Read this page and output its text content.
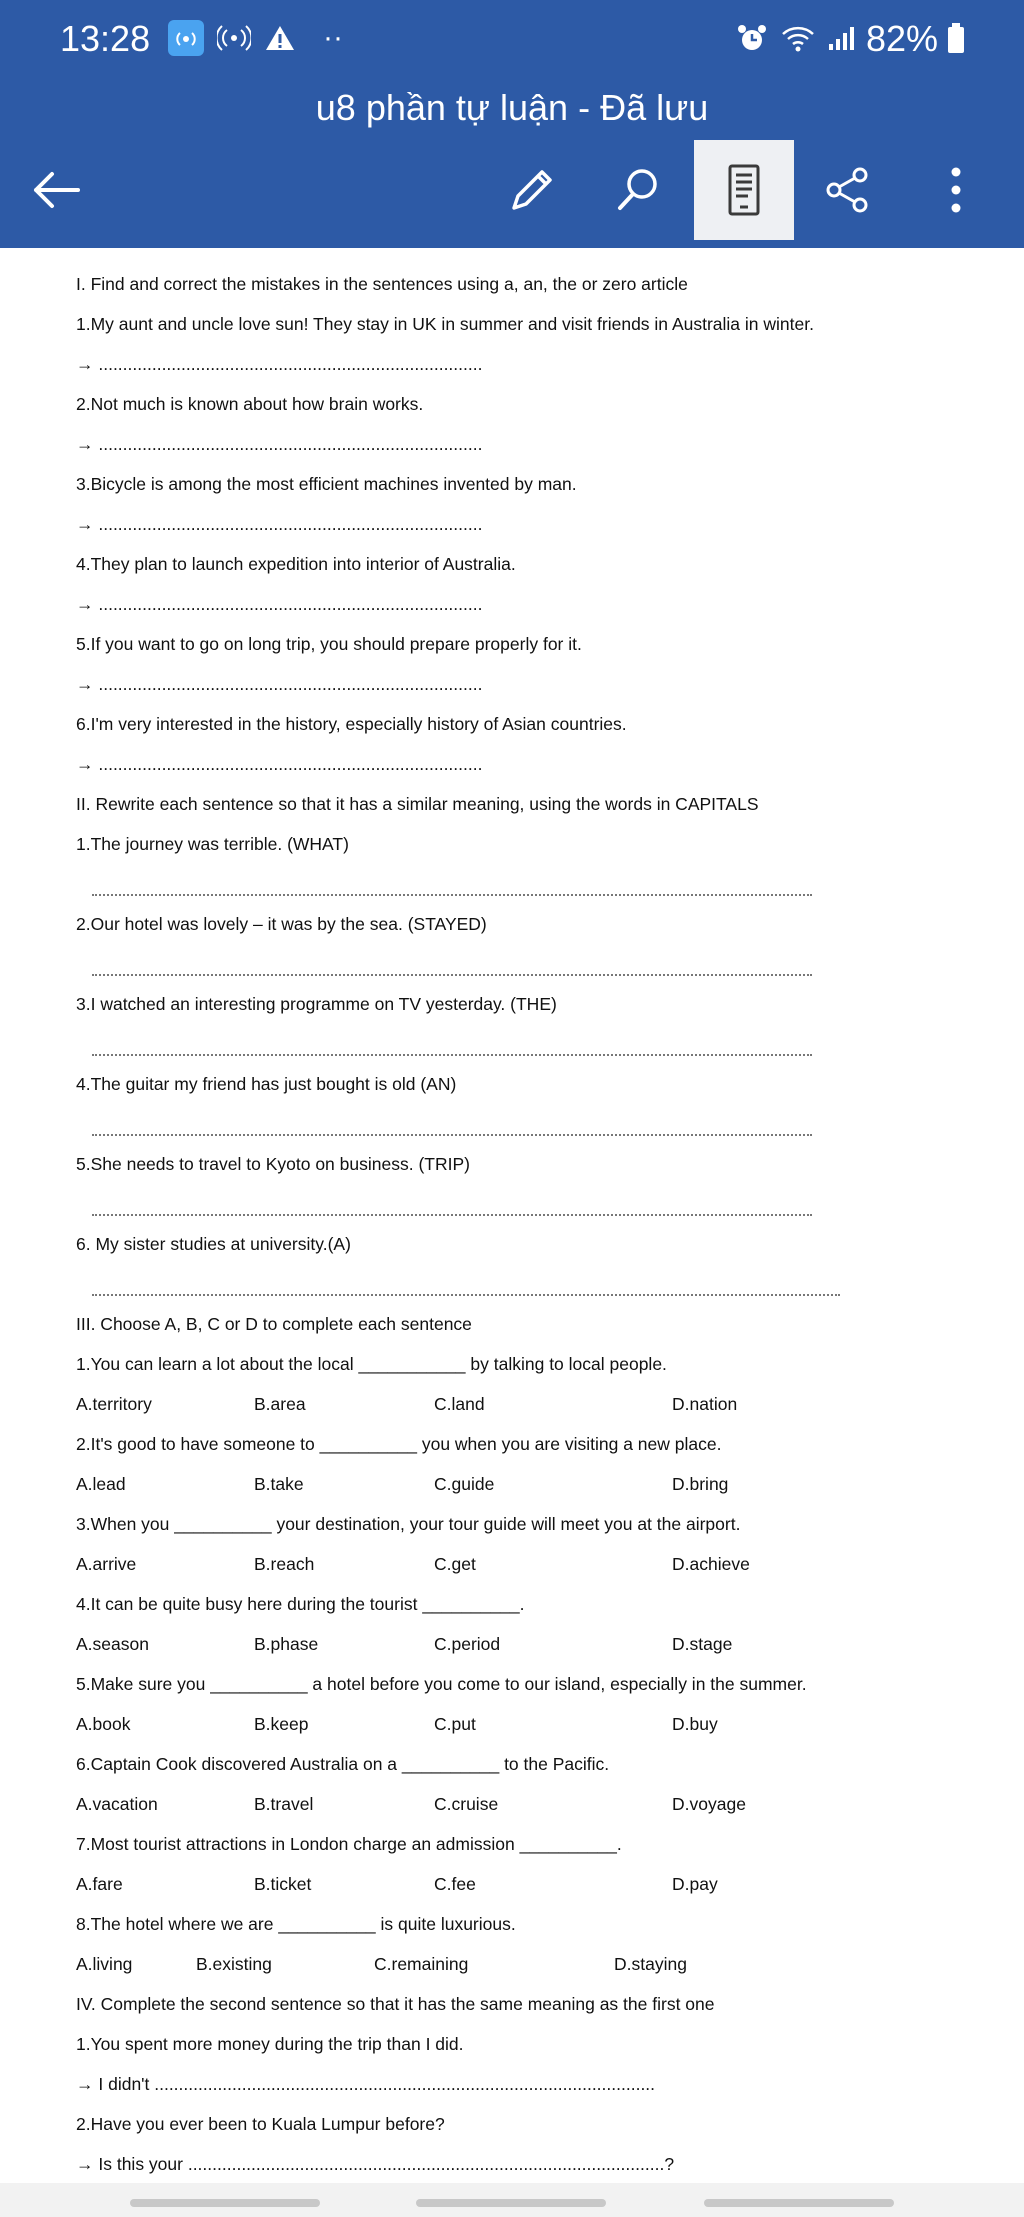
13:28	··	82%
u8 phần tự luận - Đã lưu
I. Find and correct the mistakes in the sentences using a, an, the or zero article
1.My aunt and uncle love sun! They stay in UK in summer and visit friends in Australia in winter.
→ ...............................................................................
2.Not much is known about how brain works.
→ ...............................................................................
3.Bicycle is among the most efficient machines invented by man.
→ ...............................................................................
4.They plan to launch expedition into interior of Australia.
→ ...............................................................................
5.If you want to go on long trip, you should prepare properly for it.
→ ...............................................................................
6.I'm very interested in the history, especially history of Asian countries.
→ ...............................................................................
II. Rewrite each sentence so that it has a similar meaning, using the words in CAPITALS
1.The journey was terrible. (WHAT)
2.Our hotel was lovely – it was by the sea. (STAYED)
3.I watched an interesting programme on TV yesterday. (THE)
4.The guitar my friend has just bought is old (AN)
5.She needs to travel to Kyoto on business. (TRIP)
6. My sister studies at university.(A)
III. Choose A, B, C or D to complete each sentence
1.You can learn a lot about the local ___________ by talking to local people.
2.It's good to have someone to __________ you when you are visiting a new place.
3.When you __________ your destination, your tour guide will meet you at the airport.
4.It can be quite busy here during the tourist __________.
5.Make sure you __________ a hotel before you come to our island, especially in the summer.
6.Captain Cook discovered Australia on a __________ to the Pacific.
7.Most tourist attractions in London charge an admission __________.
8.The hotel where we are __________ is quite luxurious.
IV. Complete the second sentence so that it has the same meaning as the first one
1.You spent more money during the trip than I did.
→ I didn't .......................................................................................................
2.Have you ever been to Kuala Lumpur before?
→ Is this your ..................................................................................................?
A.territory	B.area	C.land	D.nation
A.lead	B.take	C.guide	D.bring
A.arrive	B.reach	C.get	D.achieve
A.season	B.phase	C.period	D.stage
A.book	B.keep	C.put	D.buy
A.vacation	B.travel	C.cruise	D.voyage
A.fare	B.ticket	C.fee	D.pay
A.living	B.existing	C.remaining	D.staying
